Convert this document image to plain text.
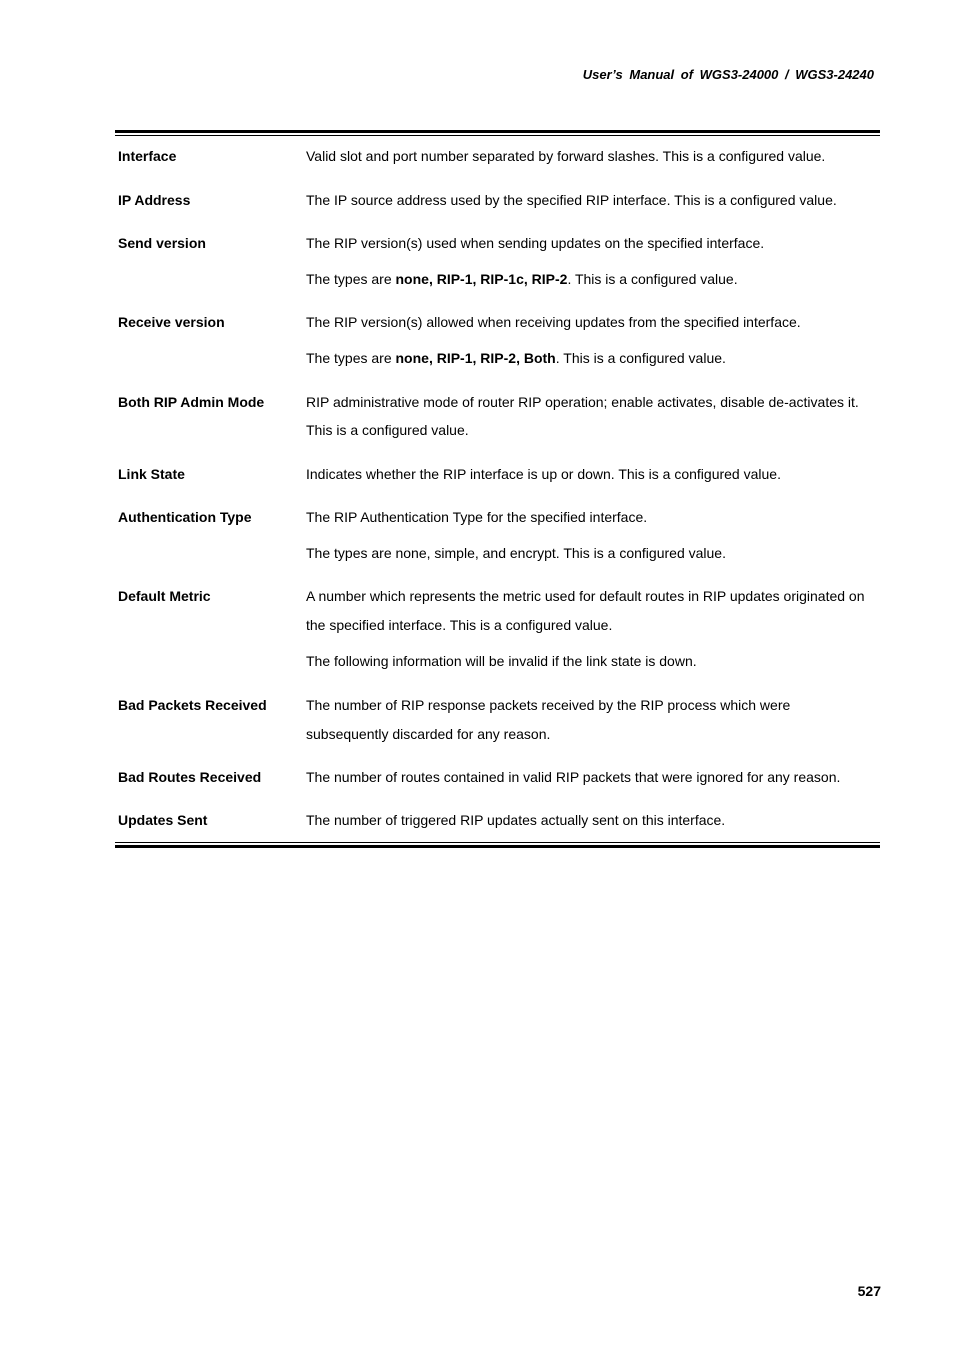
User’s Manual of WGS3-24000 / WGS3-24240
Interface	Valid slot and port number separated by forward slashes. This is a configured value.

IP Address	The IP source address used by the specified RIP interface. This is a configured value.

Send version	The RIP version(s) used when sending updates on the specified interface.

The types are none, RIP-1, RIP-1c, RIP-2. This is a configured value.

Receive version	The RIP version(s) allowed when receiving updates from the specified interface.

The types are none, RIP-1, RIP-2, Both. This is a configured value.

Both RIP Admin Mode	RIP administrative mode of router RIP operation; enable activates, disable de-activates it.

This is a configured value.

Link State	Indicates whether the RIP interface is up or down. This is a configured value.

Authentication Type	The RIP Authentication Type for the specified interface.

The types are none, simple, and encrypt. This is a configured value.

Default Metric	A number which represents the metric used for default routes in RIP updates originated on

the specified interface. This is a configured value.

The following information will be invalid if the link state is down.

Bad Packets Received	The number of RIP response packets received by the RIP process which were

subsequently discarded for any reason.

Bad Routes Received	The number of routes contained in valid RIP packets that were ignored for any reason.

Updates Sent	The number of triggered RIP updates actually sent on this interface.

527
